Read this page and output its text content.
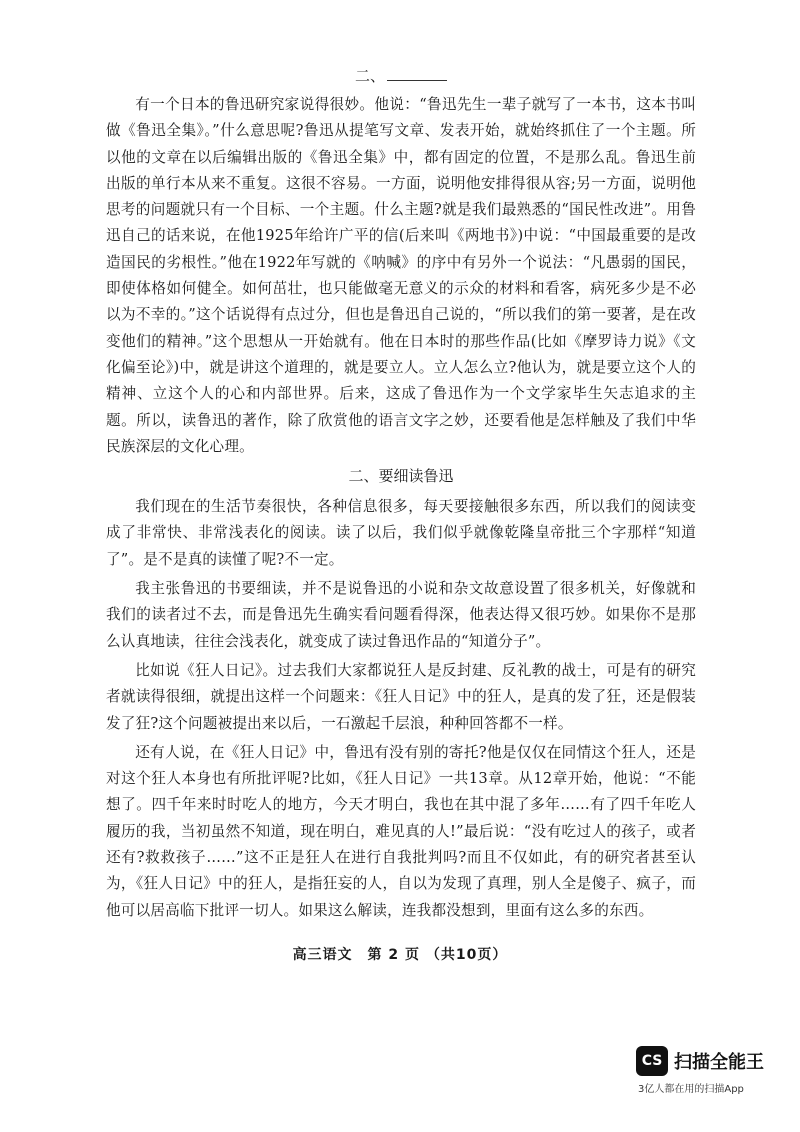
二、

有一个日本的鲁迅研究家说得很妙。他说：“鲁迅先生一辈子就写了一本书，这本书叫做《鲁迅全集》。”什么意思呢?鲁迅从提笔写文章、发表开始，就始终抓住了一个主题。所以他的文章在以后编辑出版的《鲁迅全集》中，都有固定的位置，不是那么乱。鲁迅生前出版的单行本从来不重复。这很不容易。一方面，说明他安排得很从容;另一方面，说明他思考的问题就只有一个目标、一个主题。什么主题?就是我们最熟悉的“国民性改进”。用鲁迅自己的话来说，在他1925年给许广平的信(后来叫《两地书》)中说：“中国最重要的是改造国民的劣根性。”他在1922年写就的《呐喊》的序中有另外一个说法：“凡愚弱的国民，即使体格如何健全。如何茁壮，也只能做毫无意义的示众的材料和看客，病死多少是不必以为不幸的。”这个话说得有点过分，但也是鲁迅自己说的，“所以我们的第一要著，是在改变他们的精神。”这个思想从一开始就有。他在日本时的那些作品(比如《摩罗诗力说》《文化偏至论》)中，就是讲这个道理的，就是要立人。立人怎么立?他认为，就是要立这个人的精神、立这个人的心和内部世界。后来，这成了鲁迅作为一个文学家毕生矢志追求的主题。所以，读鲁迅的著作，除了欣赏他的语言文字之妙，还要看他是怎样触及了我们中华民族深层的文化心理。

二、要细读鲁迅

我们现在的生活节奏很快，各种信息很多，每天要接触很多东西，所以我们的阅读变成了非常快、非常浅表化的阅读。读了以后，我们似乎就像乾隆皇帝批三个字那样“知道了”。是不是真的读懂了呢?不一定。

我主张鲁迅的书要细读，并不是说鲁迅的小说和杂文故意设置了很多机关，好像就和我们的读者过不去，而是鲁迅先生确实看问题看得深，他表达得又很巧妙。如果你不是那么认真地读，往往会浅表化，就变成了读过鲁迅作品的“知道分子”。

比如说《狂人日记》。过去我们大家都说狂人是反封建、反礼教的战士，可是有的研究者就读得很细，就提出这样一个问题来：《狂人日记》中的狂人，是真的发了狂，还是假装发了狂?这个问题被提出来以后，一石激起千层浪，种种回答都不一样。

还有人说，在《狂人日记》中，鲁迅有没有别的寄托?他是仅仅在同情这个狂人，还是对这个狂人本身也有所批评呢?比如，《狂人日记》一共13章。从12章开始，他说：“不能想了。四千年来时时吃人的地方，今天才明白，我也在其中混了多年……有了四千年吃人履历的我，当初虽然不知道，现在明白，难见真的人!”最后说：“没有吃过人的孩子，或者还有?救救孩子……”这不正是狂人在进行自我批判吗?而且不仅如此，有的研究者甚至认为，《狂人日记》中的狂人，是指狂妄的人，自以为发现了真理，别人全是傻子、疯子，而他可以居高临下批评一切人。如果这么解读，连我都没想到，里面有这么多的东西。

高三语文　第 2 页 （共10页）
CS 扫描全能王
3亿人都在用的扫描App
